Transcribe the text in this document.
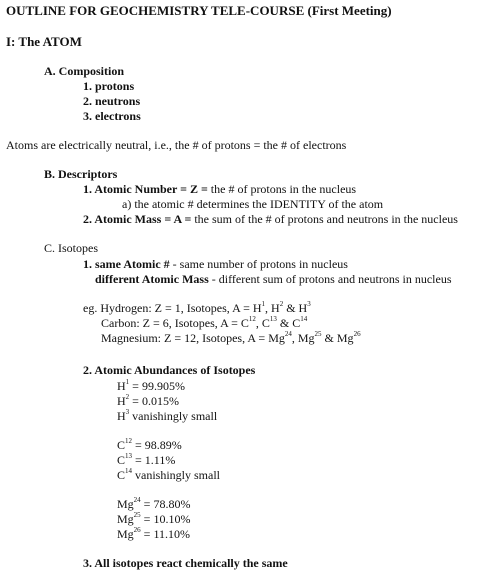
OUTLINE FOR GEOCHEMISTRY TELE-COURSE (First Meeting)
I: The ATOM
A. Composition
1. protons
2. neutrons
3. electrons
Atoms are electrically neutral, i.e., the # of protons = the # of electrons
B. Descriptors
1. Atomic Number = Z = the # of protons in the nucleus
a) the atomic # determines the IDENTITY of the atom
2. Atomic Mass = A = the sum of the # of protons and neutrons in the nucleus
C. Isotopes
1. same Atomic # - same number of protons in nucleus
different Atomic Mass - different sum of protons and neutrons in nucleus
eg. Hydrogen: Z = 1, Isotopes, $A = H^1$, $H^2$ & $H^3$
Carbon: Z = 6, Isotopes, $A = C^{12}$, $C^{13}$ & $C^{14}$
Magnesium: Z = 12, Isotopes, $A = Mg^{24}$, Mg$^{25}$ & Mg$^{26}$
2. Atomic Abundances of Isotopes
$H^1 = 99.905\%$
$H^2 = 0.015\%$
$H^3$ vanishingly small
$C^{12} = 98.89\%$
$C^{13} = 1.11\%$
$C^{14}$ vanishingly small
$Mg^{24} = 78.80\%$
$Mg^{25} = 10.10\%$
$Mg^{26} = 11.10\%$
3. All isotopes react chemically the same
